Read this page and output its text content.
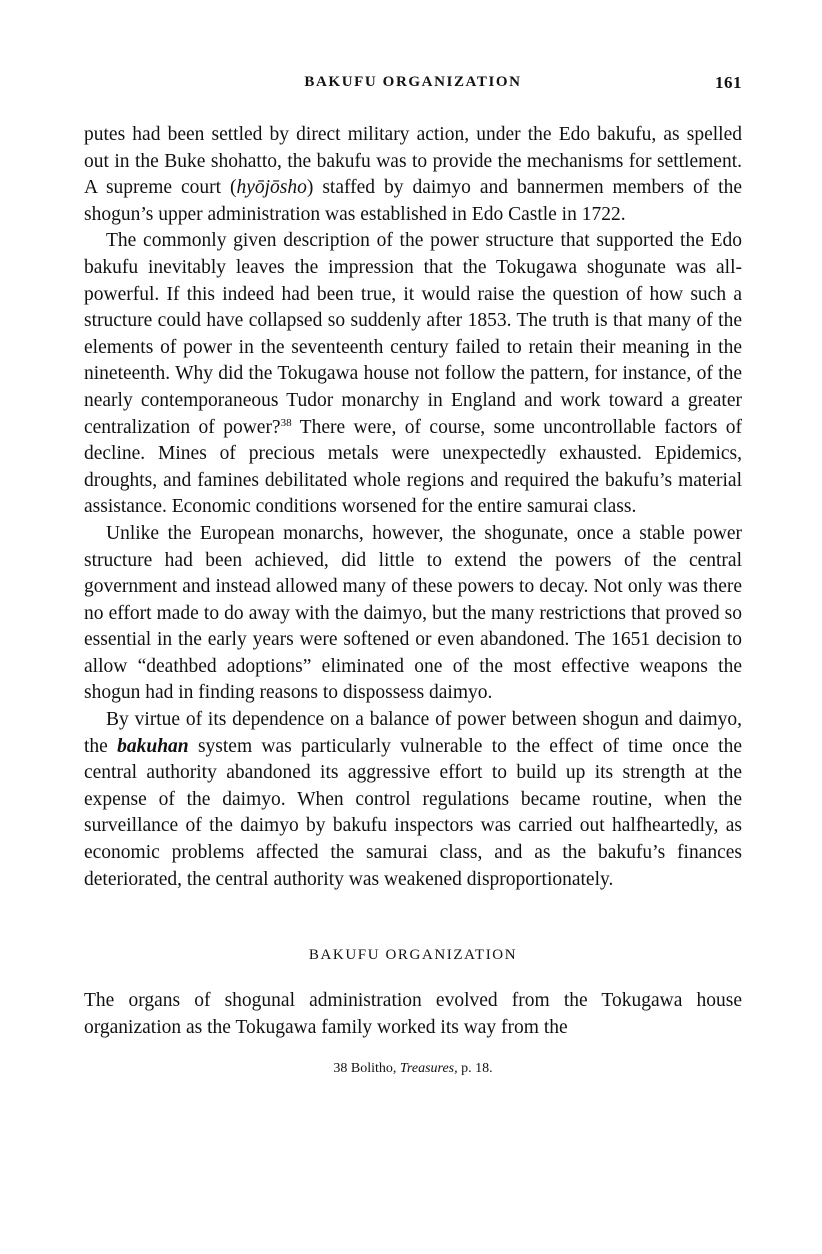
BAKUFU ORGANIZATION	161

putes had been settled by direct military action, under the Edo bakufu, as spelled out in the Buke shohatto, the bakufu was to provide the mechanisms for settlement. A supreme court (hyōjōsho) staffed by daimyo and bannermen members of the shogun’s upper administration was established in Edo Castle in 1722.

The commonly given description of the power structure that supported the Edo bakufu inevitably leaves the impression that the Tokugawa shogunate was all-powerful. If this indeed had been true, it would raise the question of how such a structure could have collapsed so suddenly after 1853. The truth is that many of the elements of power in the seventeenth century failed to retain their meaning in the nineteenth. Why did the Tokugawa house not follow the pattern, for instance, of the nearly contemporaneous Tudor monarchy in England and work toward a greater centralization of power?$^{38}$ There were, of course, some uncontrollable factors of decline. Mines of precious metals were unexpectedly exhausted. Epidemics, droughts, and famines debilitated whole regions and required the bakufu’s material assistance. Economic conditions worsened for the entire samurai class.

Unlike the European monarchs, however, the shogunate, once a stable power structure had been achieved, did little to extend the powers of the central government and instead allowed many of these powers to decay. Not only was there no effort made to do away with the daimyo, but the many restrictions that proved so essential in the early years were softened or even abandoned. The 1651 decision to allow “deathbed adoptions” eliminated one of the most effective weapons the shogun had in finding reasons to dispossess daimyo.

By virtue of its dependence on a balance of power between shogun and daimyo, the bakuhan system was particularly vulnerable to the effect of time once the central authority abandoned its aggressive effort to build up its strength at the expense of the daimyo. When control regulations became routine, when the surveillance of the daimyo by bakufu inspectors was carried out halfheartedly, as economic problems affected the samurai class, and as the bakufu’s finances deteriorated, the central authority was weakened disproportionately.

BAKUFU ORGANIZATION
The organs of shogunal administration evolved from the Tokugawa house organization as the Tokugawa family worked its way from the
38 Bolitho, Treasures, p. 18.
